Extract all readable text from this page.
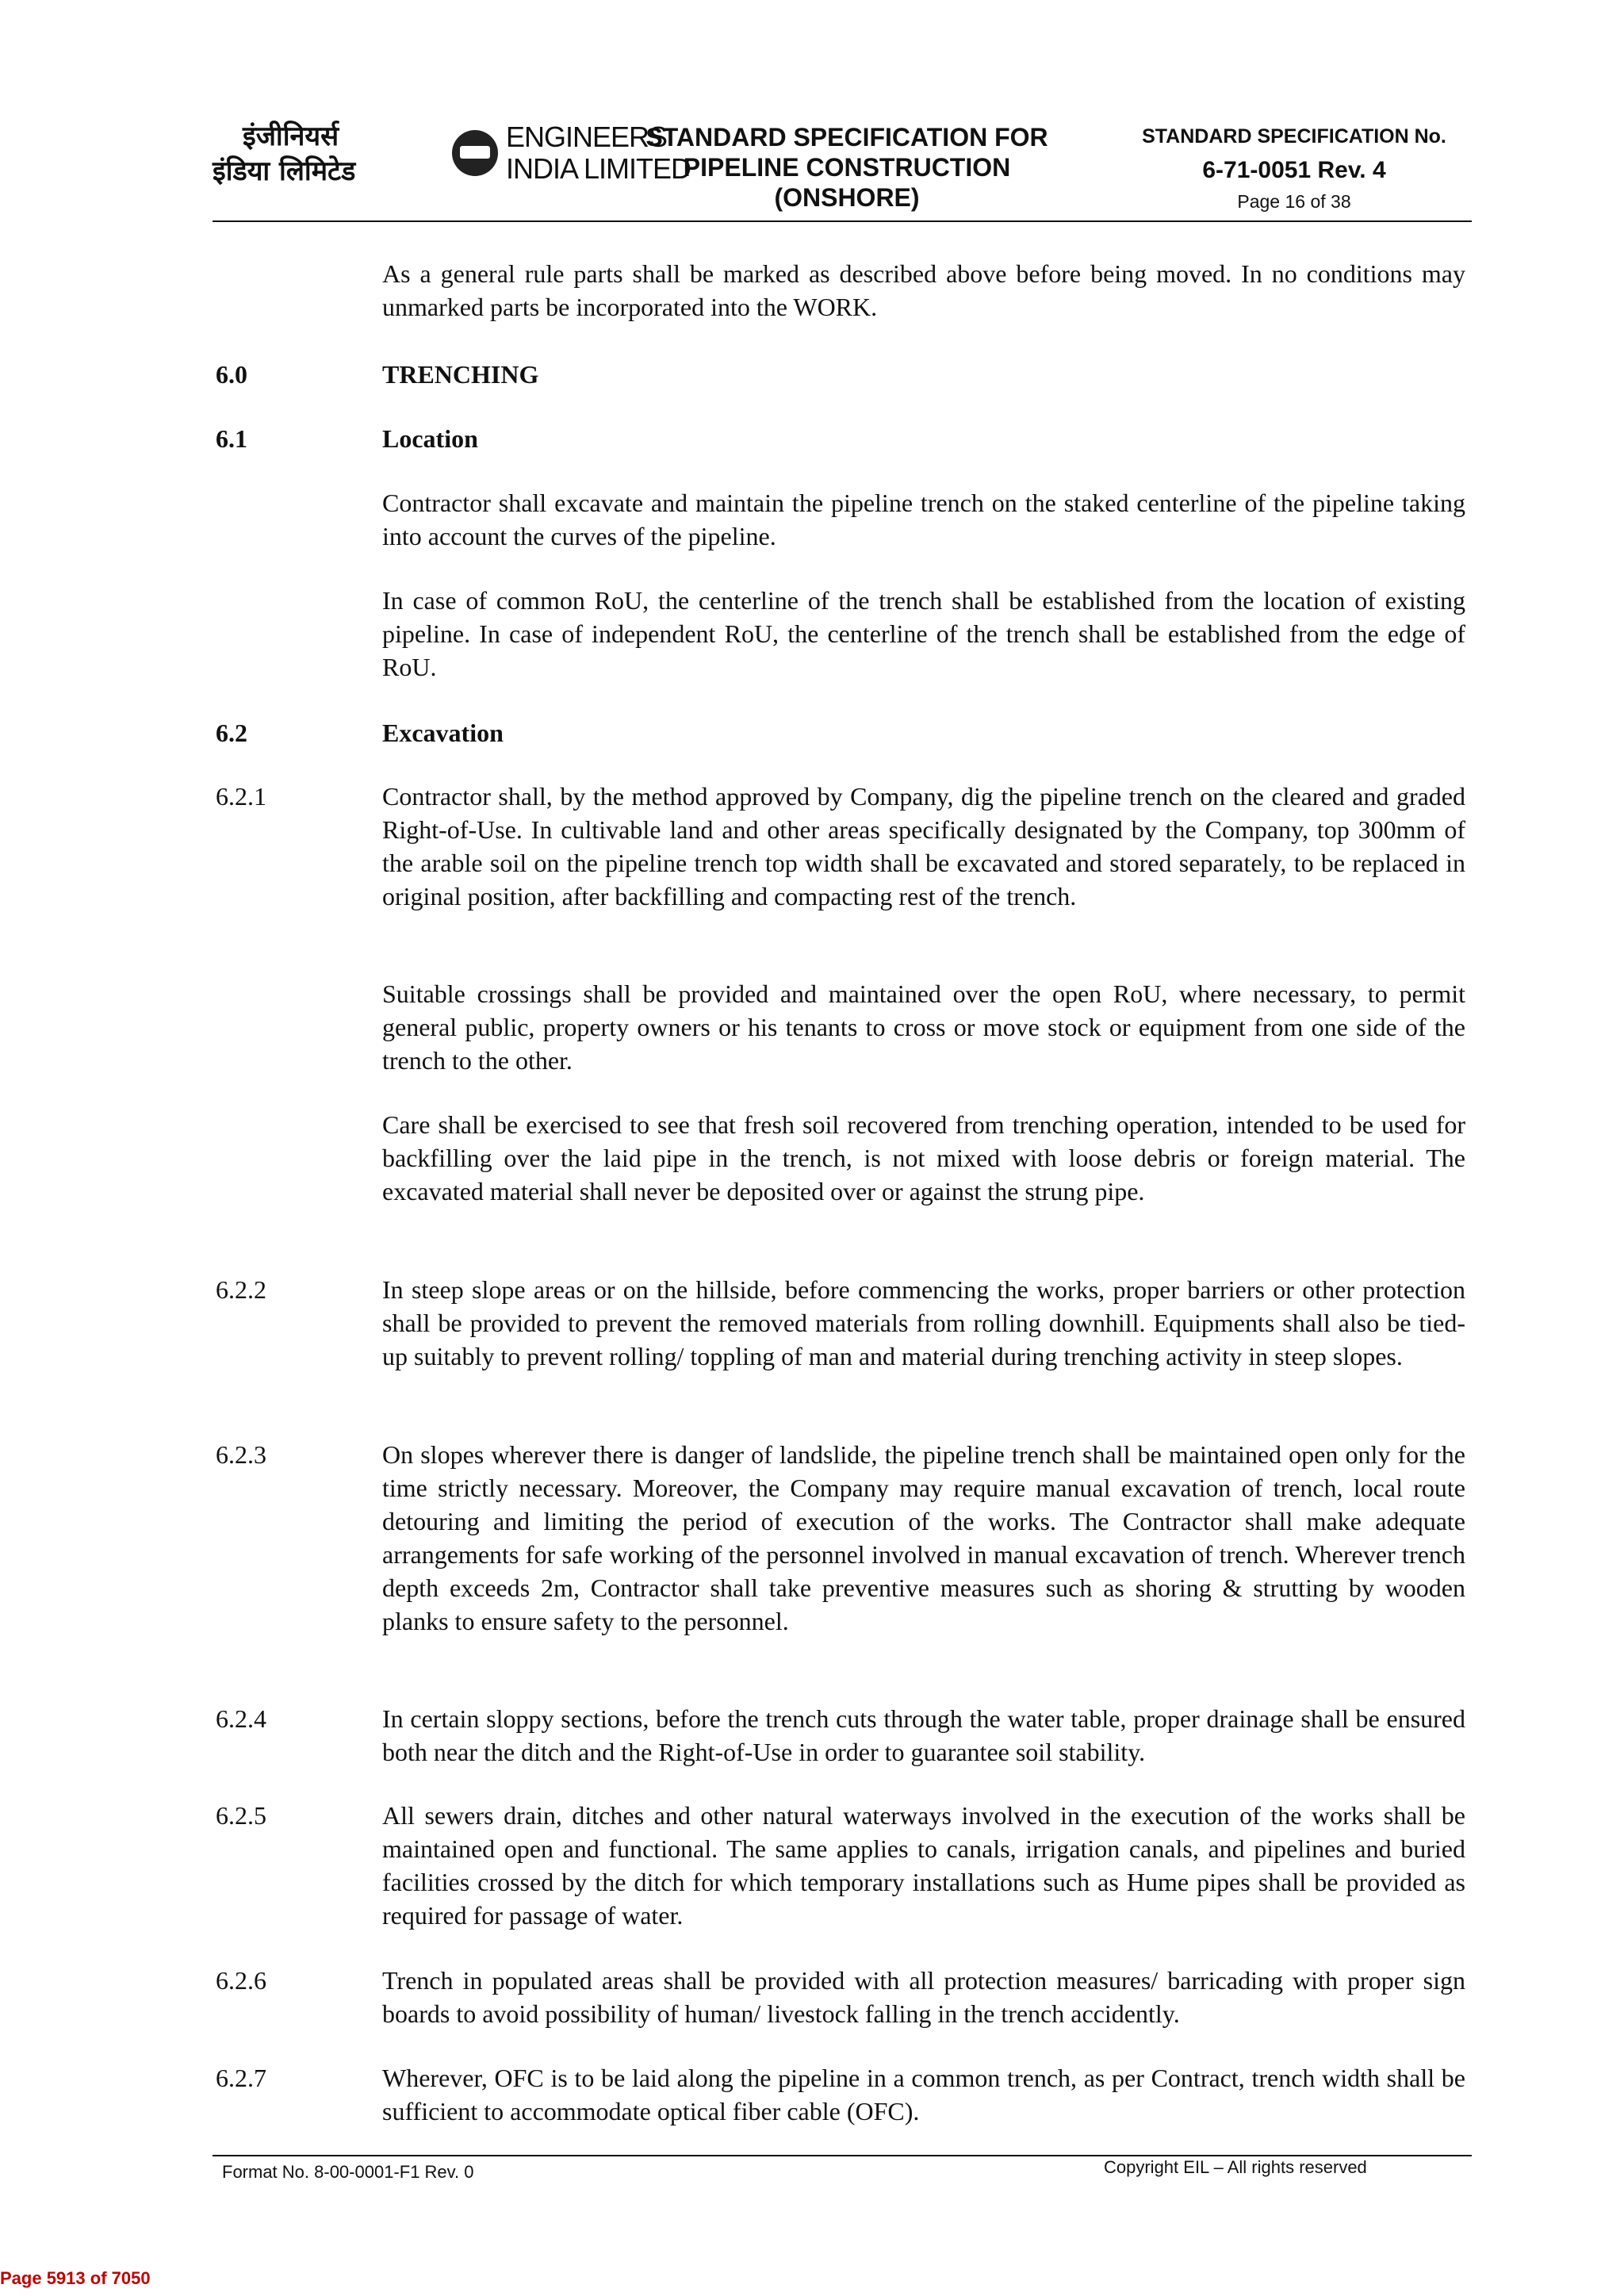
इंजीनियर्स
इंडिया लिमिटेड
ENGINEERS
INDIA LIMITED
STANDARD SPECIFICATION FOR
PIPELINE CONSTRUCTION
(ONSHORE)
STANDARD SPECIFICATION No.
6-71-0051 Rev. 4
Page 16 of 38
As a general rule parts shall be marked as described above before being moved. In no conditions may unmarked parts be incorporated into the WORK.
6.0	TRENCHING
6.1	Location
Contractor shall excavate and maintain the pipeline trench on the staked centerline of the pipeline taking into account the curves of the pipeline.
In case of common RoU, the centerline of the trench shall be established from the location of existing pipeline. In case of independent RoU, the centerline of the trench shall be established from the edge of RoU.
6.2	Excavation
6.2.1	Contractor shall, by the method approved by Company, dig the pipeline trench on the cleared and graded Right-of-Use. In cultivable land and other areas specifically designated by the Company, top 300mm of the arable soil on the pipeline trench top width shall be excavated and stored separately, to be replaced in original position, after backfilling and compacting rest of the trench.
Suitable crossings shall be provided and maintained over the open RoU, where necessary, to permit general public, property owners or his tenants to cross or move stock or equipment from one side of the trench to the other.
Care shall be exercised to see that fresh soil recovered from trenching operation, intended to be used for backfilling over the laid pipe in the trench, is not mixed with loose debris or foreign material. The excavated material shall never be deposited over or against the strung pipe.
6.2.2	In steep slope areas or on the hillside, before commencing the works, proper barriers or other protection shall be provided to prevent the removed materials from rolling downhill. Equipments shall also be tied-up suitably to prevent rolling/ toppling of man and material during trenching activity in steep slopes.
6.2.3	On slopes wherever there is danger of landslide, the pipeline trench shall be maintained open only for the time strictly necessary. Moreover, the Company may require manual excavation of trench, local route detouring and limiting the period of execution of the works. The Contractor shall make adequate arrangements for safe working of the personnel involved in manual excavation of trench. Wherever trench depth exceeds 2m, Contractor shall take preventive measures such as shoring & strutting by wooden planks to ensure safety to the personnel.
6.2.4	In certain sloppy sections, before the trench cuts through the water table, proper drainage shall be ensured both near the ditch and the Right-of-Use in order to guarantee soil stability.
6.2.5	All sewers drain, ditches and other natural waterways involved in the execution of the works shall be maintained open and functional. The same applies to canals, irrigation canals, and pipelines and buried facilities crossed by the ditch for which temporary installations such as Hume pipes shall be provided as required for passage of water.
6.2.6	Trench in populated areas shall be provided with all protection measures/ barricading with proper sign boards to avoid possibility of human/ livestock falling in the trench accidently.
6.2.7	Wherever, OFC is to be laid along the pipeline in a common trench, as per Contract, trench width shall be sufficient to accommodate optical fiber cable (OFC).
Format No. 8-00-0001-F1 Rev. 0	Copyright EIL – All rights reserved
Page 5913 of 7050
